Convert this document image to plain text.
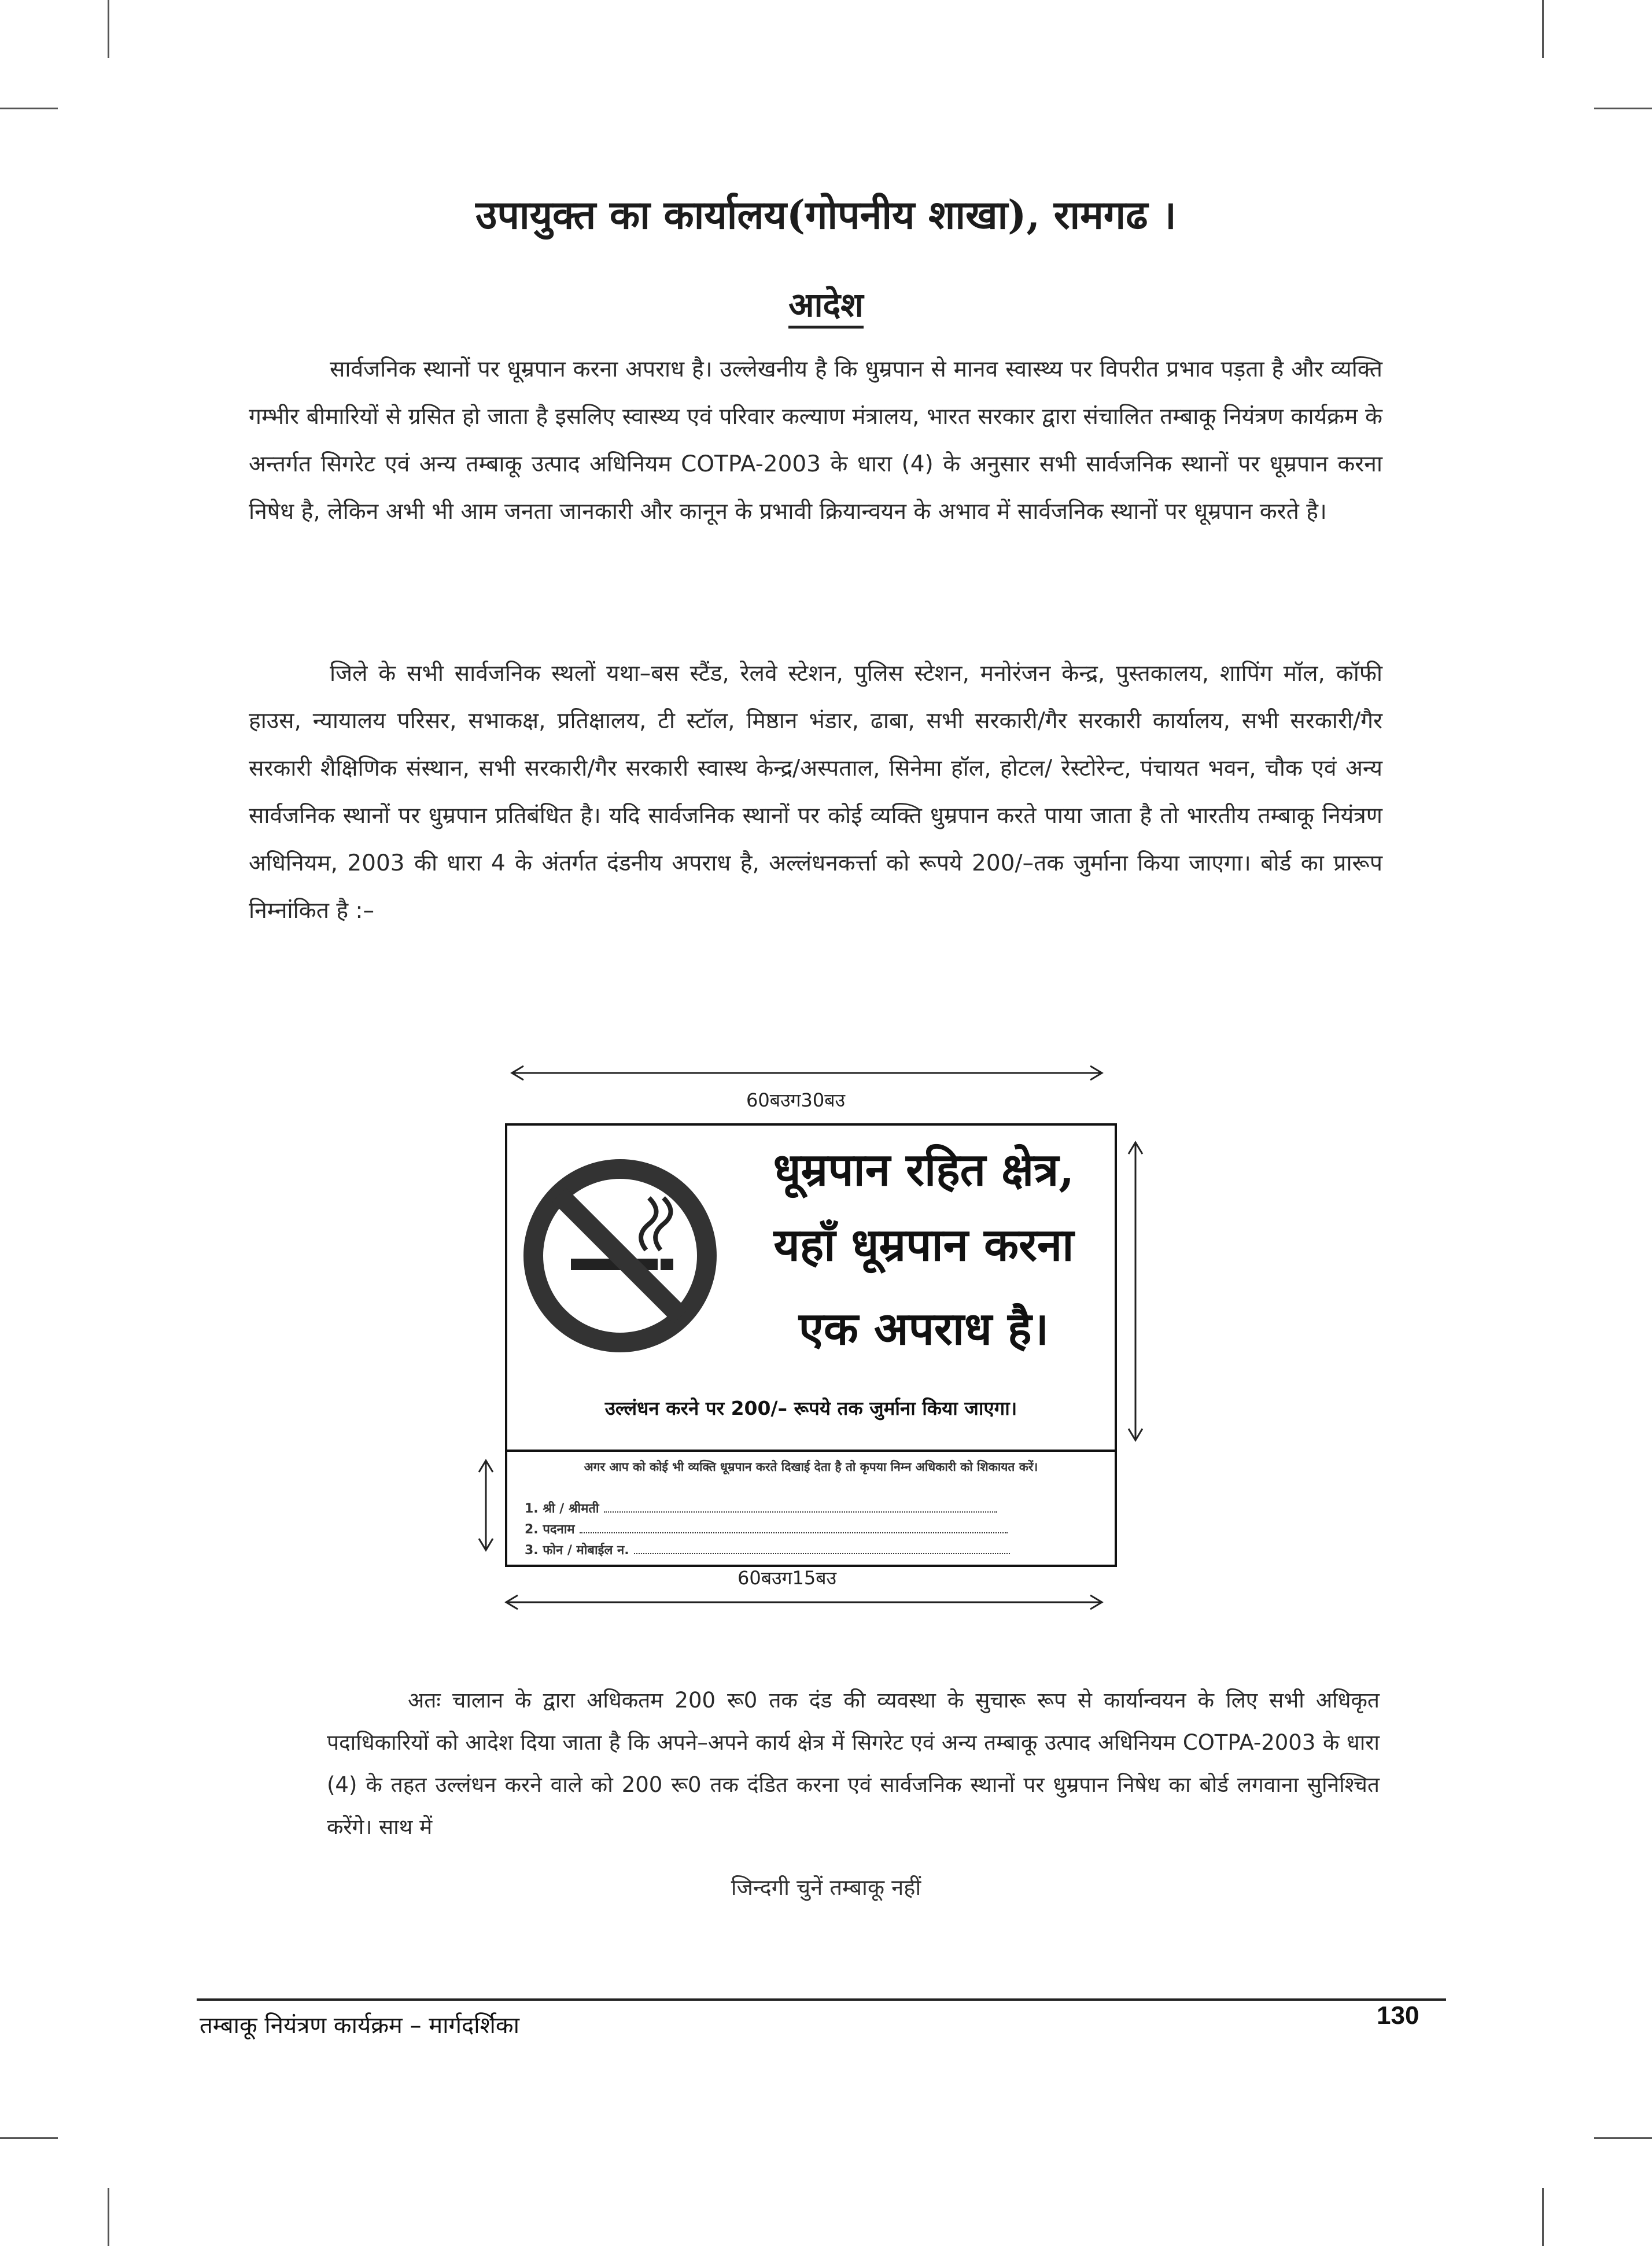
उपायुक्त का कार्यालय(गोपनीय शाखा), रामगढ ।
आदेश

सार्वजनिक स्थानों पर धूम्रपान करना अपराध है। उल्लेखनीय है कि धुम्रपान से मानव स्वास्थ्य पर विपरीत प्रभाव पड़ता है और व्यक्ति गम्भीर बीमारियों से ग्रसित हो जाता है इसलिए स्वास्थ्य एवं परिवार कल्याण मंत्रालय, भारत सरकार द्वारा संचालित तम्बाकू नियंत्रण कार्यक्रम के अन्तर्गत सिगरेट एवं अन्य तम्बाकू उत्पाद अधिनियम COTPA-2003 के धारा (4) के अनुसार सभी सार्वजनिक स्थानों पर धूम्रपान करना निषेध है, लेकिन अभी भी आम जनता जानकारी और कानून के प्रभावी क्रियान्वयन के अभाव में सार्वजनिक स्थानों पर धूम्रपान करते है।

जिले के सभी सार्वजनिक स्थलों यथा–बस स्टैंड, रेलवे स्टेशन, पुलिस स्टेशन, मनोरंजन केन्द्र, पुस्तकालय, शापिंग मॉल, कॉफी हाउस, न्यायालय परिसर, सभाकक्ष, प्रतिक्षालय, टी स्टॉल, मिष्ठान भंडार, ढाबा, सभी सरकारी/गैर सरकारी कार्यालय, सभी सरकारी/गैर सरकारी शैक्षिणिक संस्थान, सभी सरकारी/गैर सरकारी स्वास्थ केन्द्र/अस्पताल, सिनेमा हॉल, होटल/ रेस्टोरेन्ट, पंचायत भवन, चौक एवं अन्य सार्वजनिक स्थानों पर धुम्रपान प्रतिबंधित है। यदि सार्वजनिक स्थानों पर कोई व्यक्ति धुम्रपान करते पाया जाता है तो भारतीय तम्बाकू नियंत्रण अधिनियम, 2003 की धारा 4 के अंतर्गत दंडनीय अपराध है, अल्लंधनकर्त्ता को रूपये 200/–तक जुर्माना किया जाएगा। बोर्ड का प्रारूप निम्नांकित है :–

60बउग30बउ
धूम्रपान रहित क्षेत्र,
यहाँ धूम्रपान करना
एक अपराध है।
उल्लंधन करने पर 200/– रूपये तक जुर्माना किया जाएगा।
अगर आप को कोई भी व्यक्ति धूम्रपान करते दिखाई देता है तो कृपया निम्न अधिकारी को शिकायत करें।
1. श्री / श्रीमती
2. पदनाम
3. फोन / मोबाईल न.
60बउग15बउ

अतः चालान के द्वारा अधिकतम 200 रू0 तक दंड की व्यवस्था के सुचारू रूप से कार्यान्वयन के लिए सभी अधिकृत पदाधिकारियों को आदेश दिया जाता है कि अपने–अपने कार्य क्षेत्र में सिगरेट एवं अन्य तम्बाकू उत्पाद अधिनियम COTPA-2003 के धारा (4) के तहत उल्लंधन करने वाले को 200 रू0 तक दंडित करना एवं सार्वजनिक स्थानों पर धुम्रपान निषेध का बोर्ड लगवाना सुनिश्चित करेंगे। साथ में

जिन्दगी चुनें तम्बाकू नहीं
तम्बाकू नियंत्रण कार्यक्रम – मार्गदर्शिका	130
